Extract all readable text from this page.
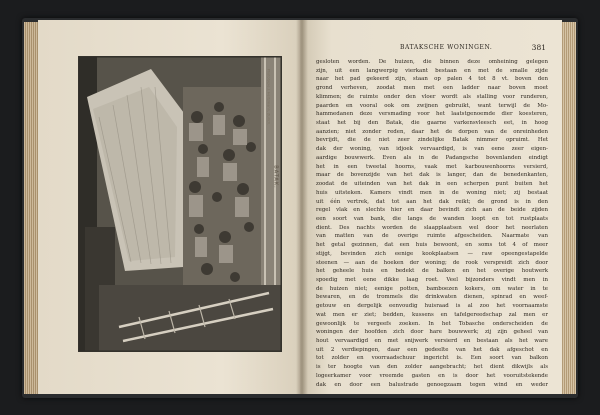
Phototypie J. Heitzmann, Zurich.
BATAK.
BATAKSCHE WONINGEN.	381
gesloten worden. De huizen, die binnen deze omheining gelegen
zijn, uit een langwerpig vierkant bestaan en met de smalle zijde
naar het pad gekeerd zijn, staan op palen 4 tot 8 vt. boven den
grond verheven, zoodat men met een ladder naar boven moet
klimmen; de ruimte onder den vloer wordt als stalling voor runderen,
paarden en vooral ook om zwijnen gebruikt, want terwijl de Mo-
hammedanen deze versmading voor het laatstgenoemde dier koesteren,
staat het bij den Batak, die gaarne varkensvleesch eet, in hoog
aanzien; niet zonder reden, daar het de dorpen van de onreinheden
bevrijdt, die de niet zeer zindelijke Batak nimmer opruimt. Het
dak der woning, van idjoek vervaardigd, is van eene zeer eigen-
aardige bouwwerk. Even als in de Padangsche bovenlanden eindigt
het in een tweetal hoorns, vaak met karbouwenhoorns versierd,
maar de bovenzijde van het dak is langer, dan de benedenkanten,
zoodat de uiteinden van het dak in een scherpen punt buiten het
huis uitsteken. Kamers vindt men in de woning niet; zij bestaat
uit één vertrek, dat tot aan het dak reikt; de grond is in den
regel vlak en slechts hier en daar bevindt zich aan de beide zijden
een soort van bank, die langs de wanden loopt en tot rustplaats
dient. Des nachts worden de slaapplaatsen wel door het neerlaten
van matten van de overige ruimte afgescheiden. Naarmate van
het getal gezinnen, dat een huis bewoont, en soms tot 4 of meer
stijgt, bevinden zich eenige kookplaatsen — raw opeengestapelde
steenen — aan de hoeken der woning; de rook verspreidt zich door
het geheele huis en bedekt de balken en het overige houtwerk
spoedig met eene dikke laag roet. Veel bijzonders vindt men in
de huizen niet; eenige potten, bamboezen kokers, om water in te
bewaren, en de trommels die drinkwaten dienen, spinrad en weef-
getouw en dergelijk eenvoudig huisraad is al zoo het voornaamste
wat men er ziet; bedden, kussens en tafelgereedschap zal men er
gewoonlijk te vergeefs zoeken. In het Tobasche onderscheiden de
woningen der hoofden zich door hare bouwwerk; zij zijn geheel van
hout vervaardigd en met snijwerk versierd en bestaan als het ware
uit 2 verdiepingen, daar een gedeelte van het dak afgeschot en
tot zolder en voorraadschuur ingericht is. Een soort van balkon
is ter hoogte van den zolder aangebracht; het dient dikwijls als
logeerkamer voor vreemde gasten en is door het vooruitstekende
dak en door een balustrade genoegzaam tegen wind en weder
